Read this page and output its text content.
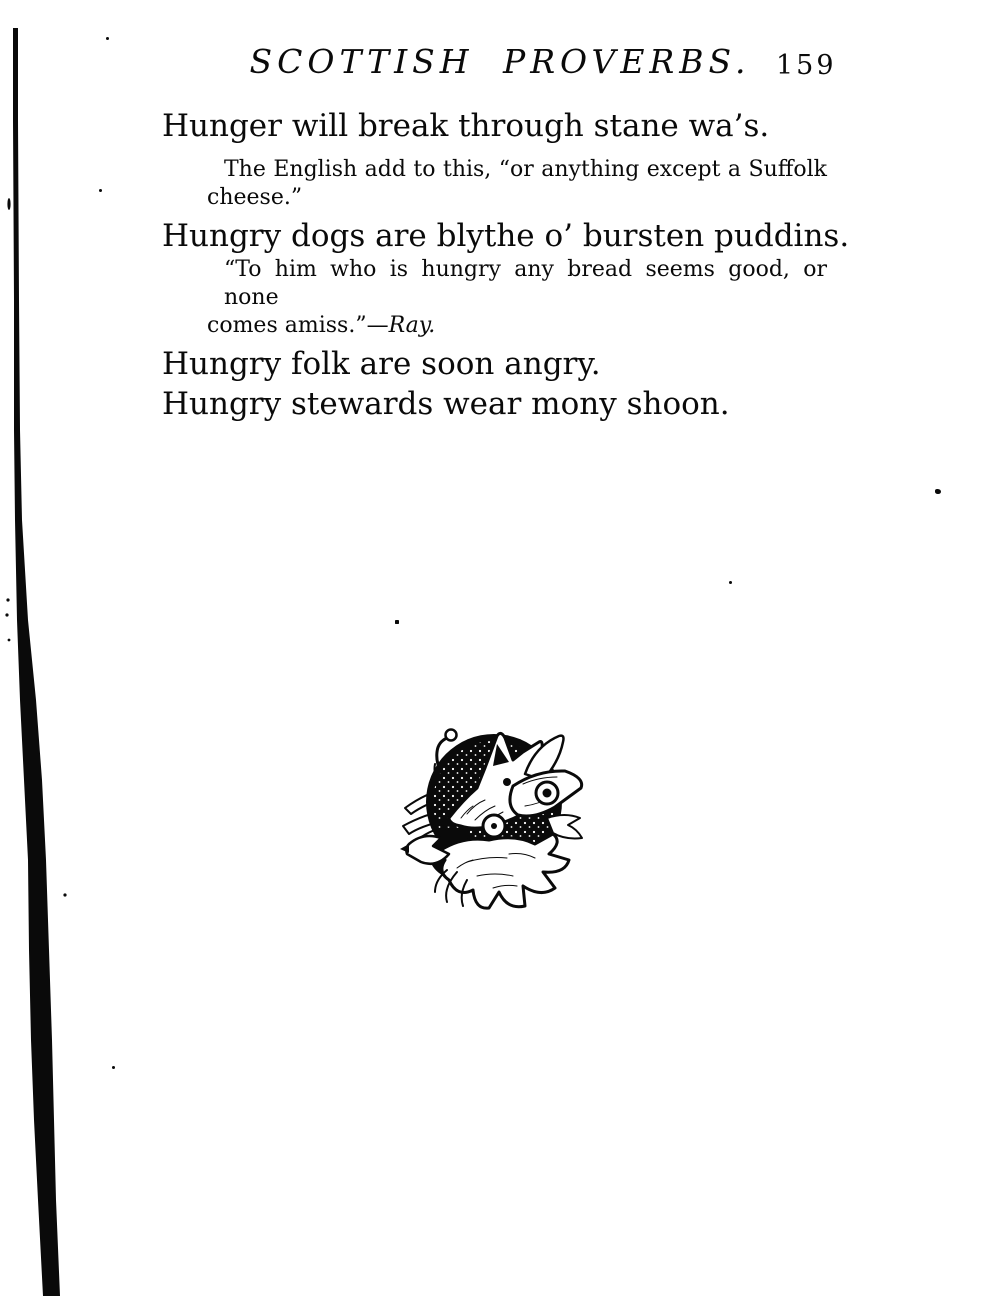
SCOTTISH PROVERBS. 159
Hunger will break through stane wa’s.
The English add to this, “or anything except a Suffolk
cheese.”
Hungry dogs are blythe o’ bursten puddins.
“To him who is hungry any bread seems good, or none
comes amiss.”—Ray.
Hungry folk are soon angry.
Hungry stewards wear mony shoon.
